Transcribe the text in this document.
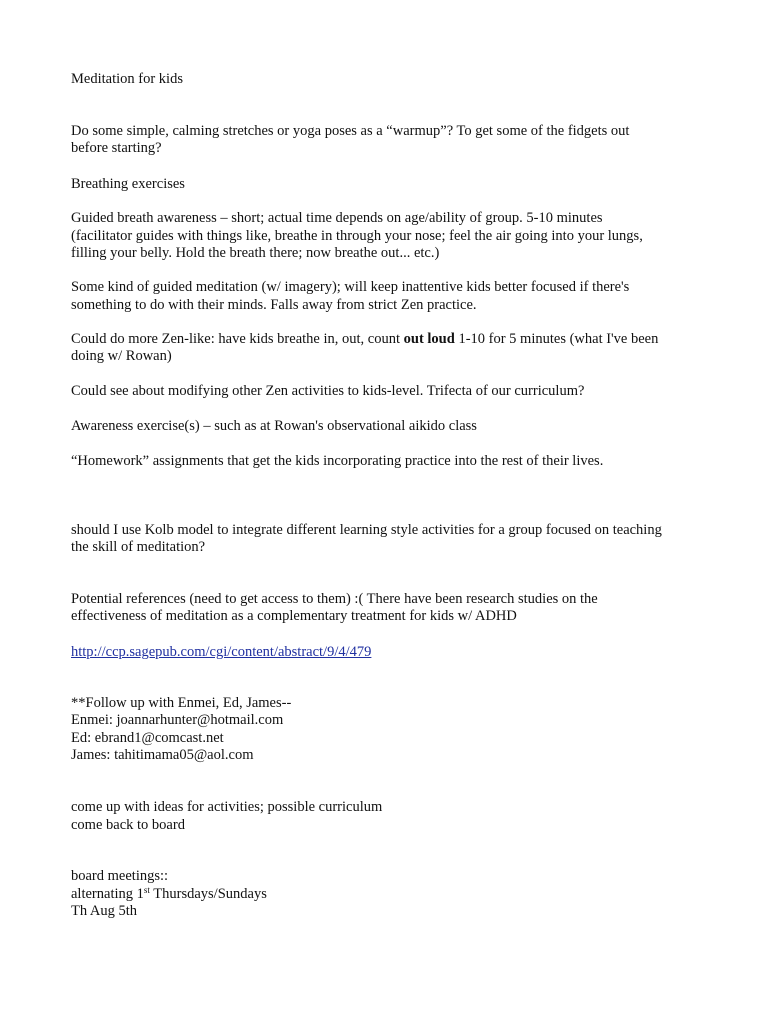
Meditation for kids
Do some simple, calming stretches or yoga poses as a “warmup”? To get some of the fidgets out
before starting?
Breathing exercises
Guided breath awareness – short; actual time depends on age/ability of group. 5-10 minutes
(facilitator guides with things like, breathe in through your nose; feel the air going into your lungs,
filling your belly. Hold the breath there; now breathe out... etc.)
Some kind of guided meditation (w/ imagery); will keep inattentive kids better focused if there's
something to do with their minds. Falls away from strict Zen practice.
Could do more Zen-like: have kids breathe in, out, count out loud 1-10 for 5 minutes (what I've been
doing w/ Rowan)
Could see about modifying other Zen activities to kids-level. Trifecta of our curriculum?
Awareness exercise(s) – such as at Rowan's observational aikido class
“Homework” assignments that get the kids incorporating practice into the rest of their lives.
should I use Kolb model to integrate different learning style activities for a group focused on teaching
the skill of meditation?
Potential references (need to get access to them) :( There have been research studies on the
effectiveness of meditation as a complementary treatment for kids w/ ADHD
http://ccp.sagepub.com/cgi/content/abstract/9/4/479
**Follow up with Enmei, Ed, James--
Enmei: joannarhunter@hotmail.com
Ed: ebrand1@comcast.net
James: tahitimama05@aol.com
come up with ideas for activities; possible curriculum
come back to board
board meetings::
alternating 1st Thursdays/Sundays
Th Aug 5th
